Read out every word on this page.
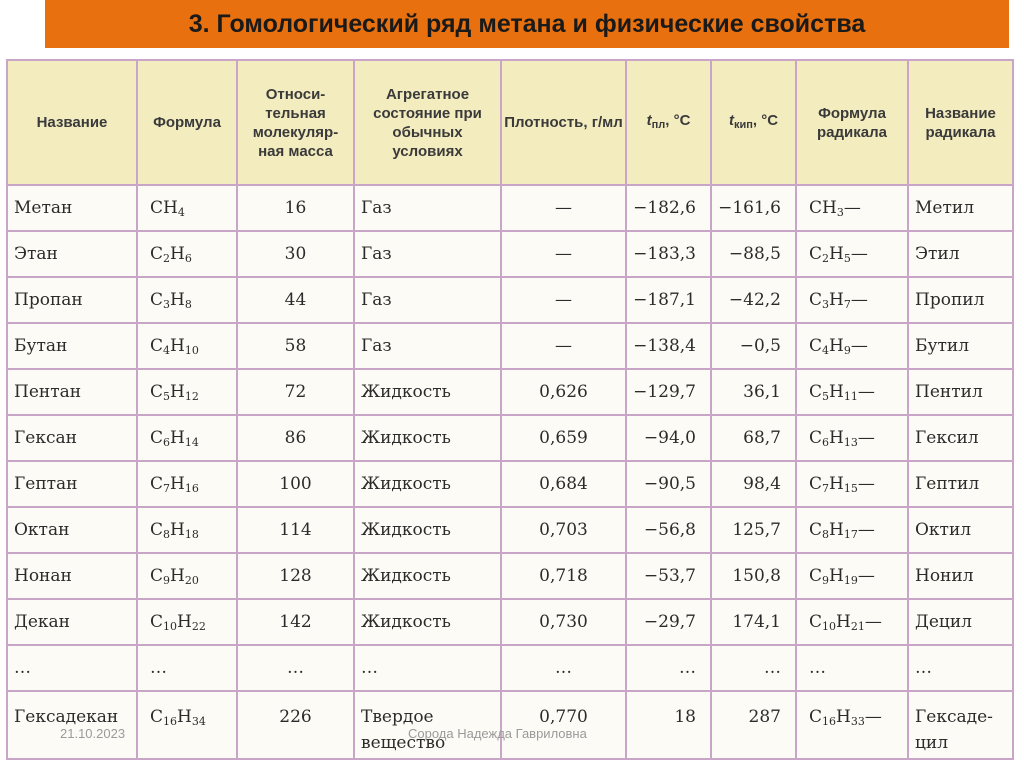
3. Гомологический ряд метана и физические свойства
Название	Формула	Относи-тельная молекуляр-ная масса	Агрегатное состояние при обычных условиях	Плотность, г/мл	$t_{пл}$, °С	$t_{кип}$, °С	Формула радикала	Название радикала
Метан	$CH_4$	16	Газ	—	−182,6	−161,6	$CH_3—$	Метил
Этан	$C_2H_6$	30	Газ	—	−183,3	−88,5	$C_2H_5—$	Этил
Пропан	$C_3H_8$	44	Газ	—	−187,1	−42,2	$C_3H_7—$	Пропил
Бутан	$C_4H_{10}$	58	Газ	—	−138,4	−0,5	$C_4H_9—$	Бутил
Пентан	$C_5H_{12}$	72	Жидкость	0,626	−129,7	36,1	$C_5H_{11}—$	Пентил
Гексан	$C_6H_{14}$	86	Жидкость	0,659	−94,0	68,7	$C_6H_{13}—$	Гексил
Гептан	$C_7H_{16}$	100	Жидкость	0,684	−90,5	98,4	$C_7H_{15}—$	Гептил
Октан	$C_8H_{18}$	114	Жидкость	0,703	−56,8	125,7	$C_8H_{17}—$	Октил
Нонан	$C_9H_{20}$	128	Жидкость	0,718	−53,7	150,8	$C_9H_{19}—$	Нонил
Декан	$C_{10}H_{22}$	142	Жидкость	0,730	−29,7	174,1	$C_{10}H_{21}—$	Децил
…	…	…	…	…	…	…	…	…
Гексадекан	$C_{16}H_{34}$	226	Твердое вещество	0,770	18	287	$C_{16}H_{33}—$	Гексаде-цил
21.10.2023	Сорода Надежда Гавриловна
